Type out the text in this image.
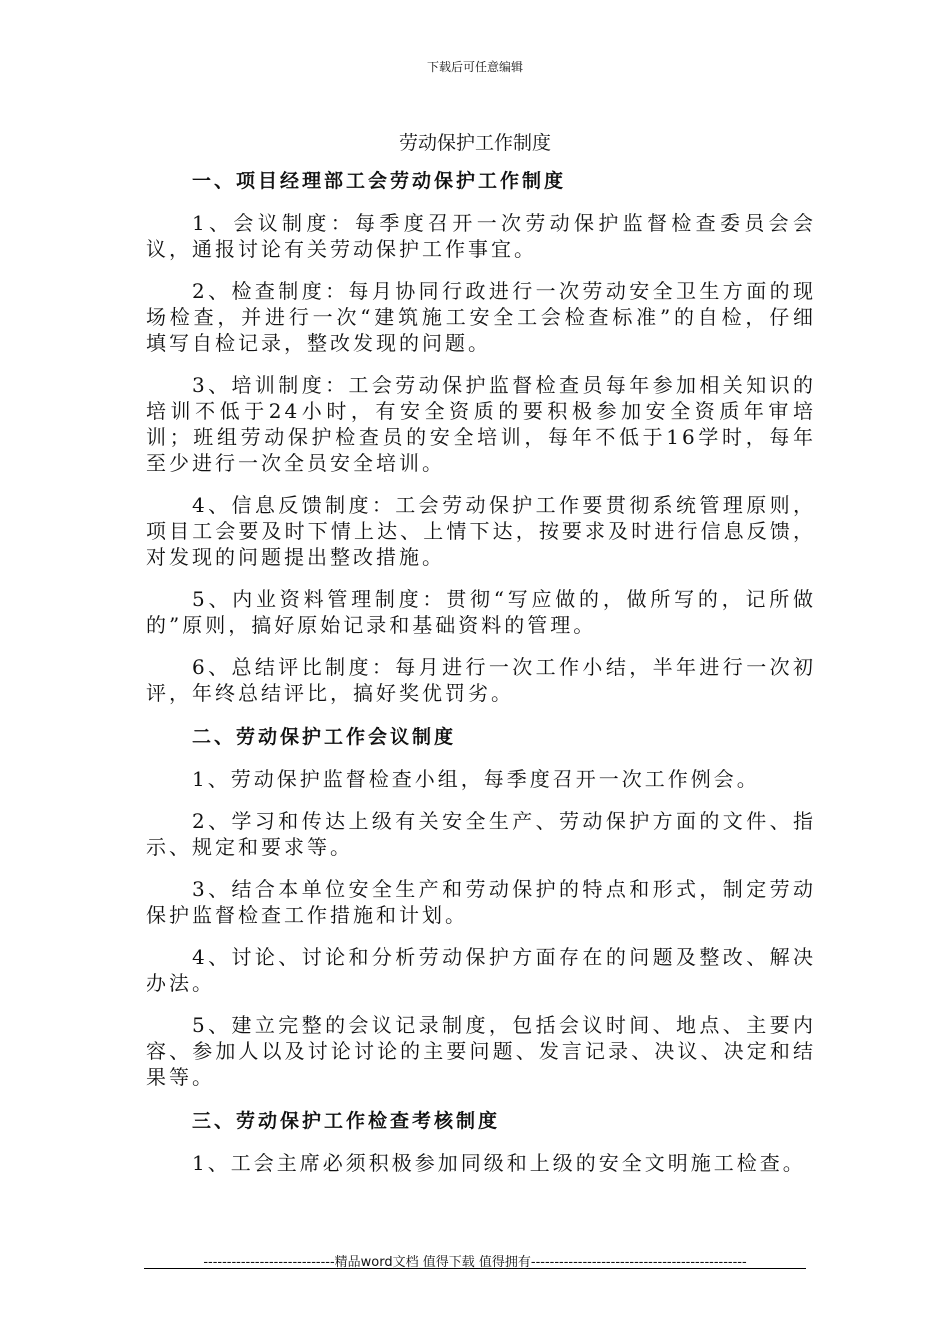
下载后可任意编辑
劳动保护工作制度
一、项目经理部工会劳动保护工作制度

1、会议制度：每季度召开一次劳动保护监督检查委员会会议，通报讨论有关劳动保护工作事宜。

2、检查制度：每月协同行政进行一次劳动安全卫生方面的现场检查，并进行一次“建筑施工安全工会检查标准”的自检，仔细填写自检记录，整改发现的问题。

3、培训制度：工会劳动保护监督检查员每年参加相关知识的培训不低于24小时，有安全资质的要积极参加安全资质年审培训；班组劳动保护检查员的安全培训，每年不低于16学时，每年至少进行一次全员安全培训。

4、信息反馈制度：工会劳动保护工作要贯彻系统管理原则，项目工会要及时下情上达、上情下达，按要求及时进行信息反馈，对发现的问题提出整改措施。

5、内业资料管理制度：贯彻“写应做的，做所写的，记所做的”原则，搞好原始记录和基础资料的管理。

6、总结评比制度：每月进行一次工作小结，半年进行一次初评，年终总结评比，搞好奖优罚劣。

二、劳动保护工作会议制度

1、劳动保护监督检查小组，每季度召开一次工作例会。

2、学习和传达上级有关安全生产、劳动保护方面的文件、指示、规定和要求等。

3、结合本单位安全生产和劳动保护的特点和形式，制定劳动保护监督检查工作措施和计划。

4、讨论、讨论和分析劳动保护方面存在的问题及整改、解决办法。

5、建立完整的会议记录制度，包括会议时间、地点、主要内容、参加人以及讨论讨论的主要问题、发言记录、决议、决定和结果等。

三、劳动保护工作检查考核制度

1、工会主席必须积极参加同级和上级的安全文明施工检查。

----------------------------精品word文档 值得下载 值得拥有----------------------------------------------
